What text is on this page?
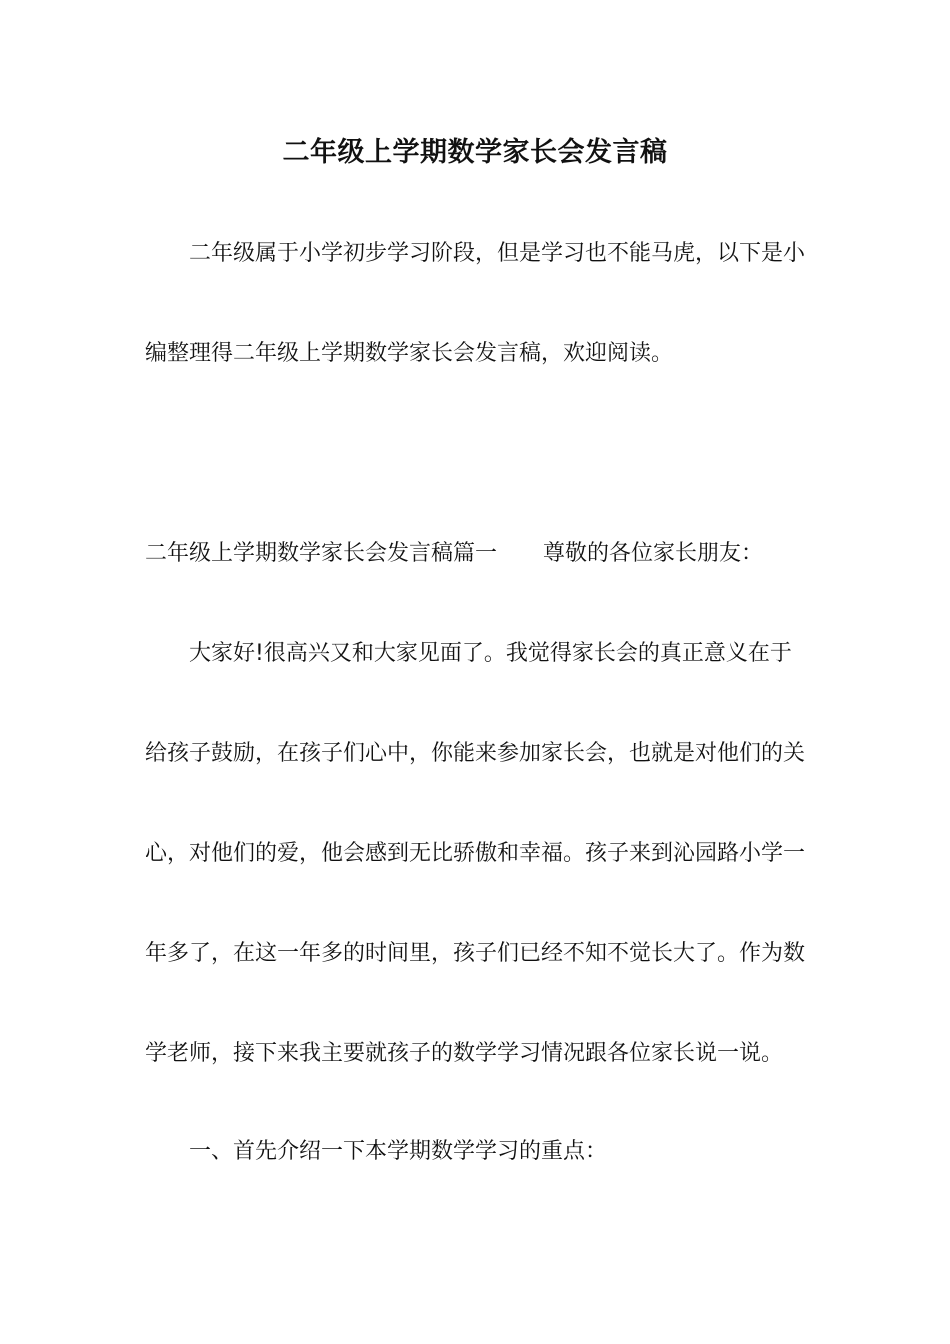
二年级上学期数学家长会发言稿
二年级属于小学初步学习阶段，但是学习也不能马虎，以下是小
编整理得二年级上学期数学家长会发言稿，欢迎阅读。
二年级上学期数学家长会发言稿篇一 尊敬的各位家长朋友：
大家好!很高兴又和大家见面了。我觉得家长会的真正意义在于
给孩子鼓励，在孩子们心中，你能来参加家长会，也就是对他们的关
心，对他们的爱，他会感到无比骄傲和幸福。孩子来到沁园路小学一
年多了，在这一年多的时间里，孩子们已经不知不觉长大了。作为数
学老师，接下来我主要就孩子的数学学习情况跟各位家长说一说。
一、首先介绍一下本学期数学学习的重点：
